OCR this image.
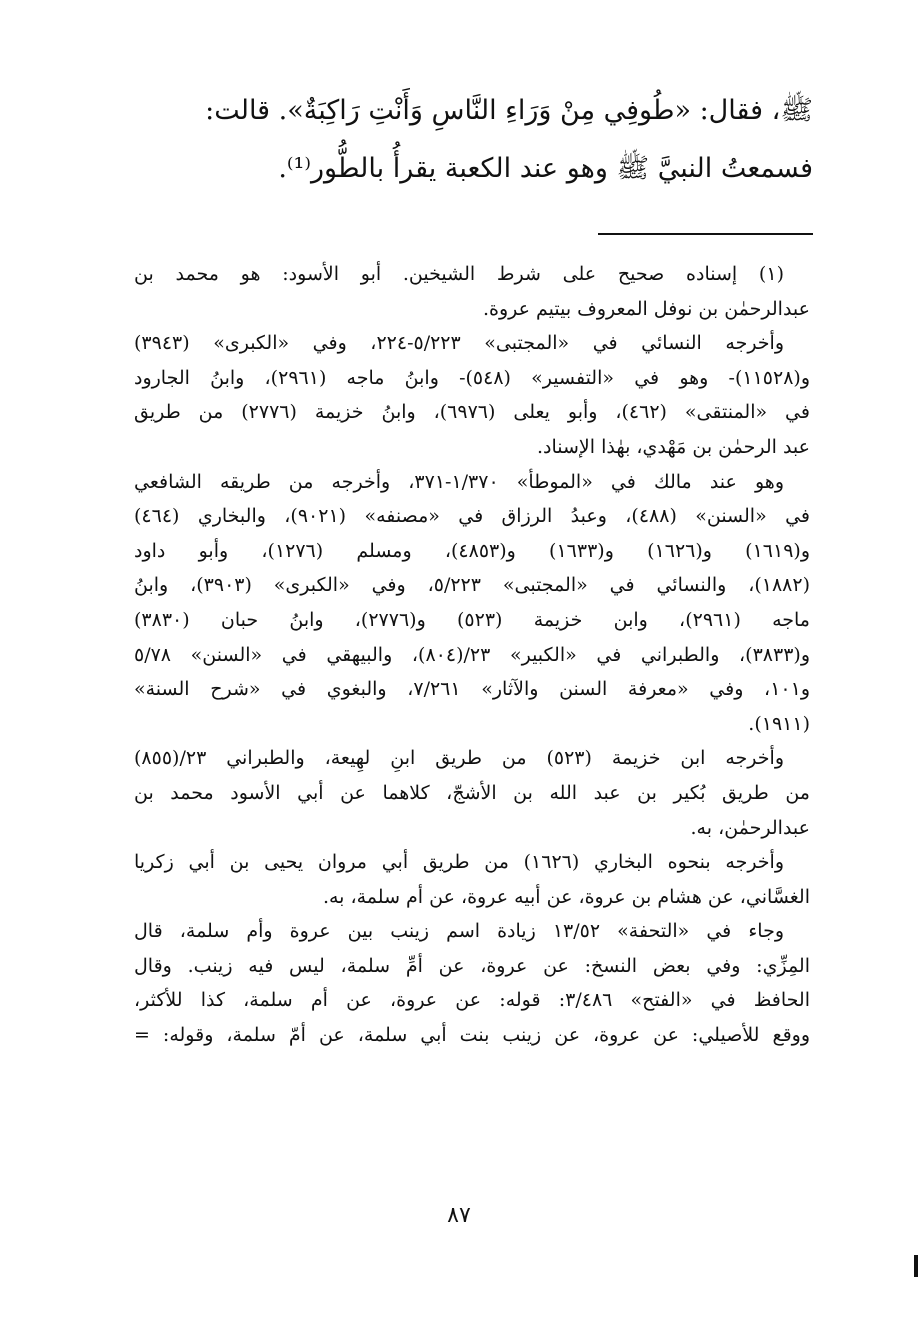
ﷺ، فقال: «طُوفِي مِنْ وَرَاءِ النَّاسِ وَأَنْتِ رَاكِبَةٌ». قالت:
فسمعتُ النبيَّ ﷺ وهو عند الكعبة يقرأُ بالطُّور⁽¹⁾.
(١) إسناده صحيح على شرط الشيخين. أبو الأسود: هو محمد بن
عبدالرحمٰن بن نوفل المعروف بيتيم عروة.
وأخرجه النسائي في «المجتبى» ٥/٢٢٣-٢٢٤، وفي «الكبرى» (٣٩٤٣)
و(١١٥٢٨)- وهو في «التفسير» (٥٤٨)- وابنُ ماجه (٢٩٦١)، وابنُ الجارود
في «المنتقى» (٤٦٢)، وأبو يعلى (٦٩٧٦)، وابنُ خزيمة (٢٧٧٦) من طريق
عبد الرحمٰن بن مَهْدي، بهٰذا الإسناد.
وهو عند مالك في «الموطأ» ١/٣٧٠-٣٧١، وأخرجه من طريقه الشافعي
في «السنن» (٤٨٨)، وعبدُ الرزاق في «مصنفه» (٩٠٢١)، والبخاري (٤٦٤)
و(١٦١٩) و(١٦٢٦) و(١٦٣٣) و(٤٨٥٣)، ومسلم (١٢٧٦)، وأبو داود
(١٨٨٢)، والنسائي في «المجتبى» ٥/٢٢٣، وفي «الكبرى» (٣٩٠٣)، وابنُ
ماجه (٢٩٦١)، وابن خزيمة (٥٢٣) و(٢٧٧٦)، وابنُ حبان (٣٨٣٠)
و(٣٨٣٣)، والطبراني في «الكبير» ٢٣/(٨٠٤)، والبيهقي في «السنن» ٥/٧٨
و١٠١، وفي «معرفة السنن والآثار» ٧/٢٦١، والبغوي في «شرح السنة»
(١٩١١).
وأخرجه ابن خزيمة (٥٢٣) من طريق ابنِ لهِيعة، والطبراني ٢٣/(٨٥٥)
من طريق بُكير بن عبد الله بن الأشجّ، كلاهما عن أبي الأسود محمد بن
عبدالرحمٰن، به.
وأخرجه بنحوه البخاري (١٦٢٦) من طريق أبي مروان يحيى بن أبي زكريا
الغسَّاني، عن هشام بن عروة، عن أبيه عروة، عن أم سلمة، به.
وجاء في «التحفة» ١٣/٥٢ زيادة اسم زينب بين عروة وأم سلمة، قال
المِزِّي: وفي بعض النسخ: عن عروة، عن أمِّ سلمة، ليس فيه زينب. وقال
الحافظ في «الفتح» ٣/٤٨٦: قوله: عن عروة، عن أم سلمة، كذا للأكثر،
ووقع للأصيلي: عن عروة، عن زينب بنت أبي سلمة، عن أمّ سلمة، وقوله: =
٨٧
